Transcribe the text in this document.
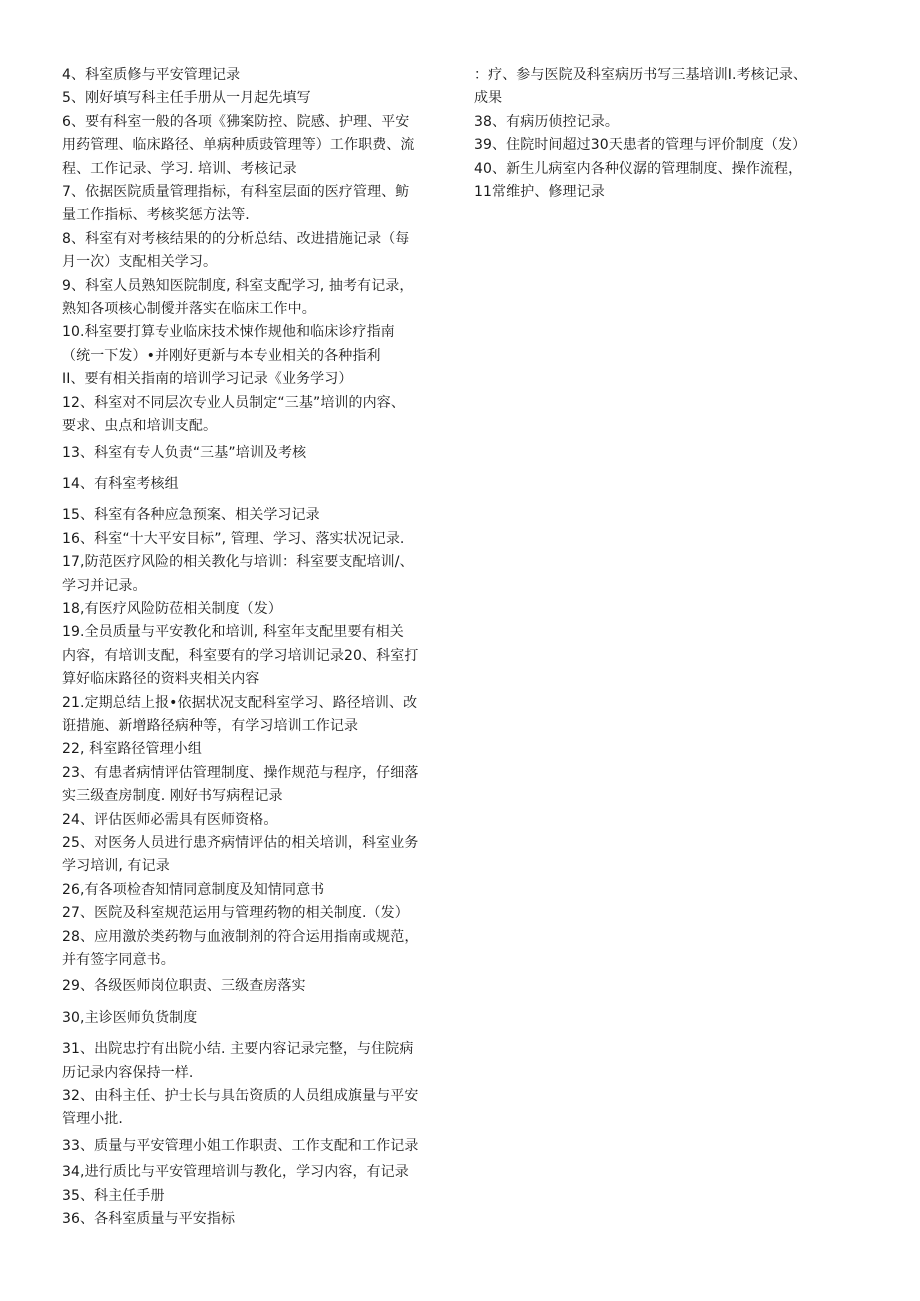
4、科室质修与平安管理记录
5、刚好填写科主任手册从一月起先填写
6、要有科室一般的各项《狒案防控、院感、护理、平安
用药管理、临床路径、单病种质豉管理等）工作职费、流
程、工作记录、学习. 培训、考核记录
7、依据医院质量管理指标，有科室层面的医疗管理、鲂
量工作指标、考核奖惩方法等.
8、科室有对考核结果的的分析总结、改进措施记录（每
月一次）支配相关学习。
9、科室人员熟知医院制度, 科室支配学习, 抽考有记录，
熟知各项核心制僾并落实在临床工作中。
10.科室要打算专业临床技术悚作规他和临床诊疗指南
（统一下发）•并刚好更新与本专业相关的各种指利
II、要有相关指南的培训学习记录《业务学习）
12、科室对不同层次专业人员制定“三基”培训的内容、
要求、虫点和培训支配。
13、科室有专人负责“三基”培训及考核
14、有科室考核组
15、科室有各种应急预案、相关学习记录
16、科室“十大平安目标”, 管理、学习、落实状况记录.
17,防范医疗风险的相关教化与培训：科室要支配培训/、
学习并记录。
18,有医疗风险防莅相关制度（发）
19.全员质量与平安教化和培训, 科室年支配里要有相关
内容，有培训支配，科室要有的学习培训记录20、科室打
算好临床路径的资料夹相关内容
21.定期总结上报•依据状况支配科室学习、路径培训、改
诳措施、新增路径病种等，有学习培训工作记录
22, 科室路径管理小组
23、有患者病情评估管理制度、操作规范与程序，仔细落
实三级查房制度. 刚好书写病程记录
24、评估医师必需具有医师资格。
25、对医务人员进行患齐病情评估的相关培训，科室业务
学习培训, 有记录
26,有各项检杳知情同意制度及知情同意书
27、医院及科室规范运用与管理药物的相关制度.（发）
28、应用激於类药物与血液制剂的符合运用指南或规范，
并有签字同意书。
29、各级医师岗位职责、三级查房落实
30,主诊医师负货制度
31、出院忠拧有出院小结. 主要内容记录完整，与住院病
历记录内容保持一样.
32、由科主任、护士长与具缶资质的人员组成旗量与平安
管理小批.
33、质量与平安管理小姐工作职责、工作支配和工作记录
34,进行质比与平安管理培训与教化，学习内容，有记录
35、科主任手册
36、各科室质量与平安指标
：疗、参与医院及科室病历书写三基培训I.考核记录、
成果
38、有病历侦控记录。
39、住院时间超过30天患者的管理与评价制度（发）
40、新生儿病室内各种仪潺的管理制度、操作流程，
11常维护、修理记录
